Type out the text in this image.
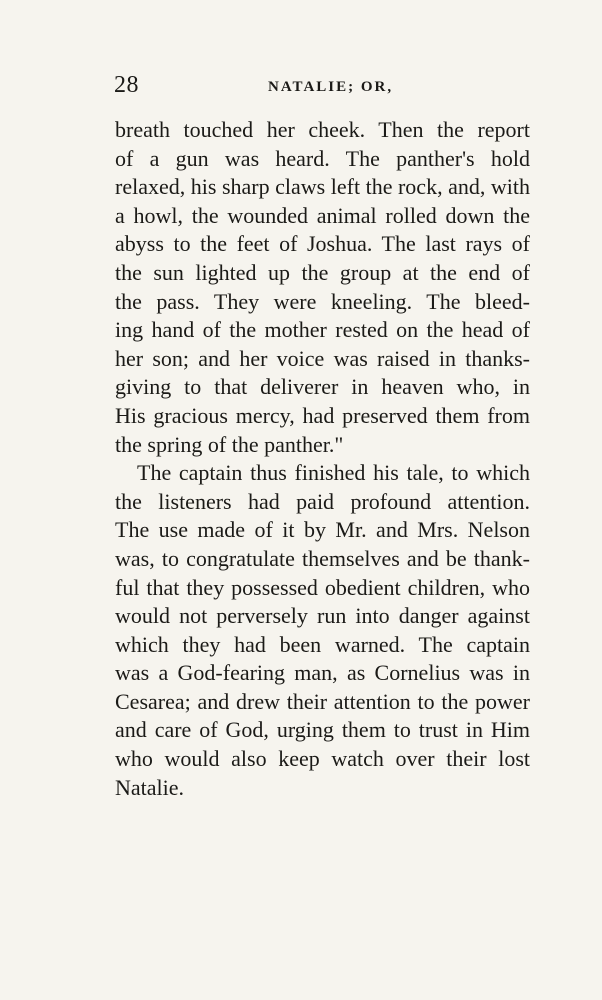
28	NATALIE; OR,
breath touched her cheek. Then the report
of a gun was heard. The panther's hold
relaxed, his sharp claws left the rock, and, with
a howl, the wounded animal rolled down the
abyss to the feet of Joshua. The last rays of
the sun lighted up the group at the end of
the pass. They were kneeling. The bleed-
ing hand of the mother rested on the head of
her son; and her voice was raised in thanks-
giving to that deliverer in heaven who, in
His gracious mercy, had preserved them from
the spring of the panther."
The captain thus finished his tale, to which
the listeners had paid profound attention.
The use made of it by Mr. and Mrs. Nelson
was, to congratulate themselves and be thank-
ful that they possessed obedient children, who
would not perversely run into danger against
which they had been warned. The captain
was a God-fearing man, as Cornelius was in
Cesarea; and drew their attention to the power
and care of God, urging them to trust in Him
who would also keep watch over their lost
Natalie.
